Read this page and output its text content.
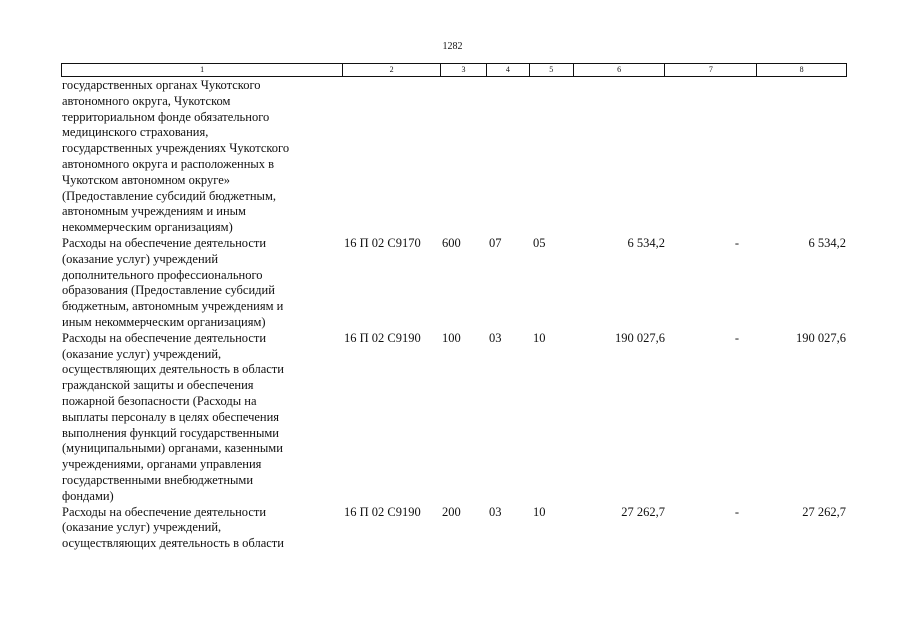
1282
1	2	3	4	5	6	7	8
государственных органах Чукотского
автономного округа, Чукотском
территориальном фонде обязательного
медицинского страхования,
государственных учреждениях Чукотского
автономного округа и расположенных в
Чукотском автономном округе»
(Предоставление субсидий бюджетным,
автономным учреждениям и иным
некоммерческим организациям)
Расходы на обеспечение деятельности
(оказание услуг) учреждений
дополнительного профессионального
образования (Предоставление субсидий
бюджетным, автономным учреждениям и
иным некоммерческим организациям)
16 П 02 С9170	600	07	05	6 534,2	-	6 534,2
Расходы на обеспечение деятельности
(оказание услуг) учреждений,
осуществляющих деятельность в области
гражданской защиты и обеспечения
пожарной безопасности (Расходы на
выплаты персоналу в целях обеспечения
выполнения функций государственными
(муниципальными) органами, казенными
учреждениями, органами управления
государственными внебюджетными
фондами)
16 П 02 С9190	100	03	10	190 027,6	-	190 027,6
Расходы на обеспечение деятельности
(оказание услуг) учреждений,
осуществляющих деятельность в области
16 П 02 С9190	200	03	10	27 262,7	-	27 262,7
